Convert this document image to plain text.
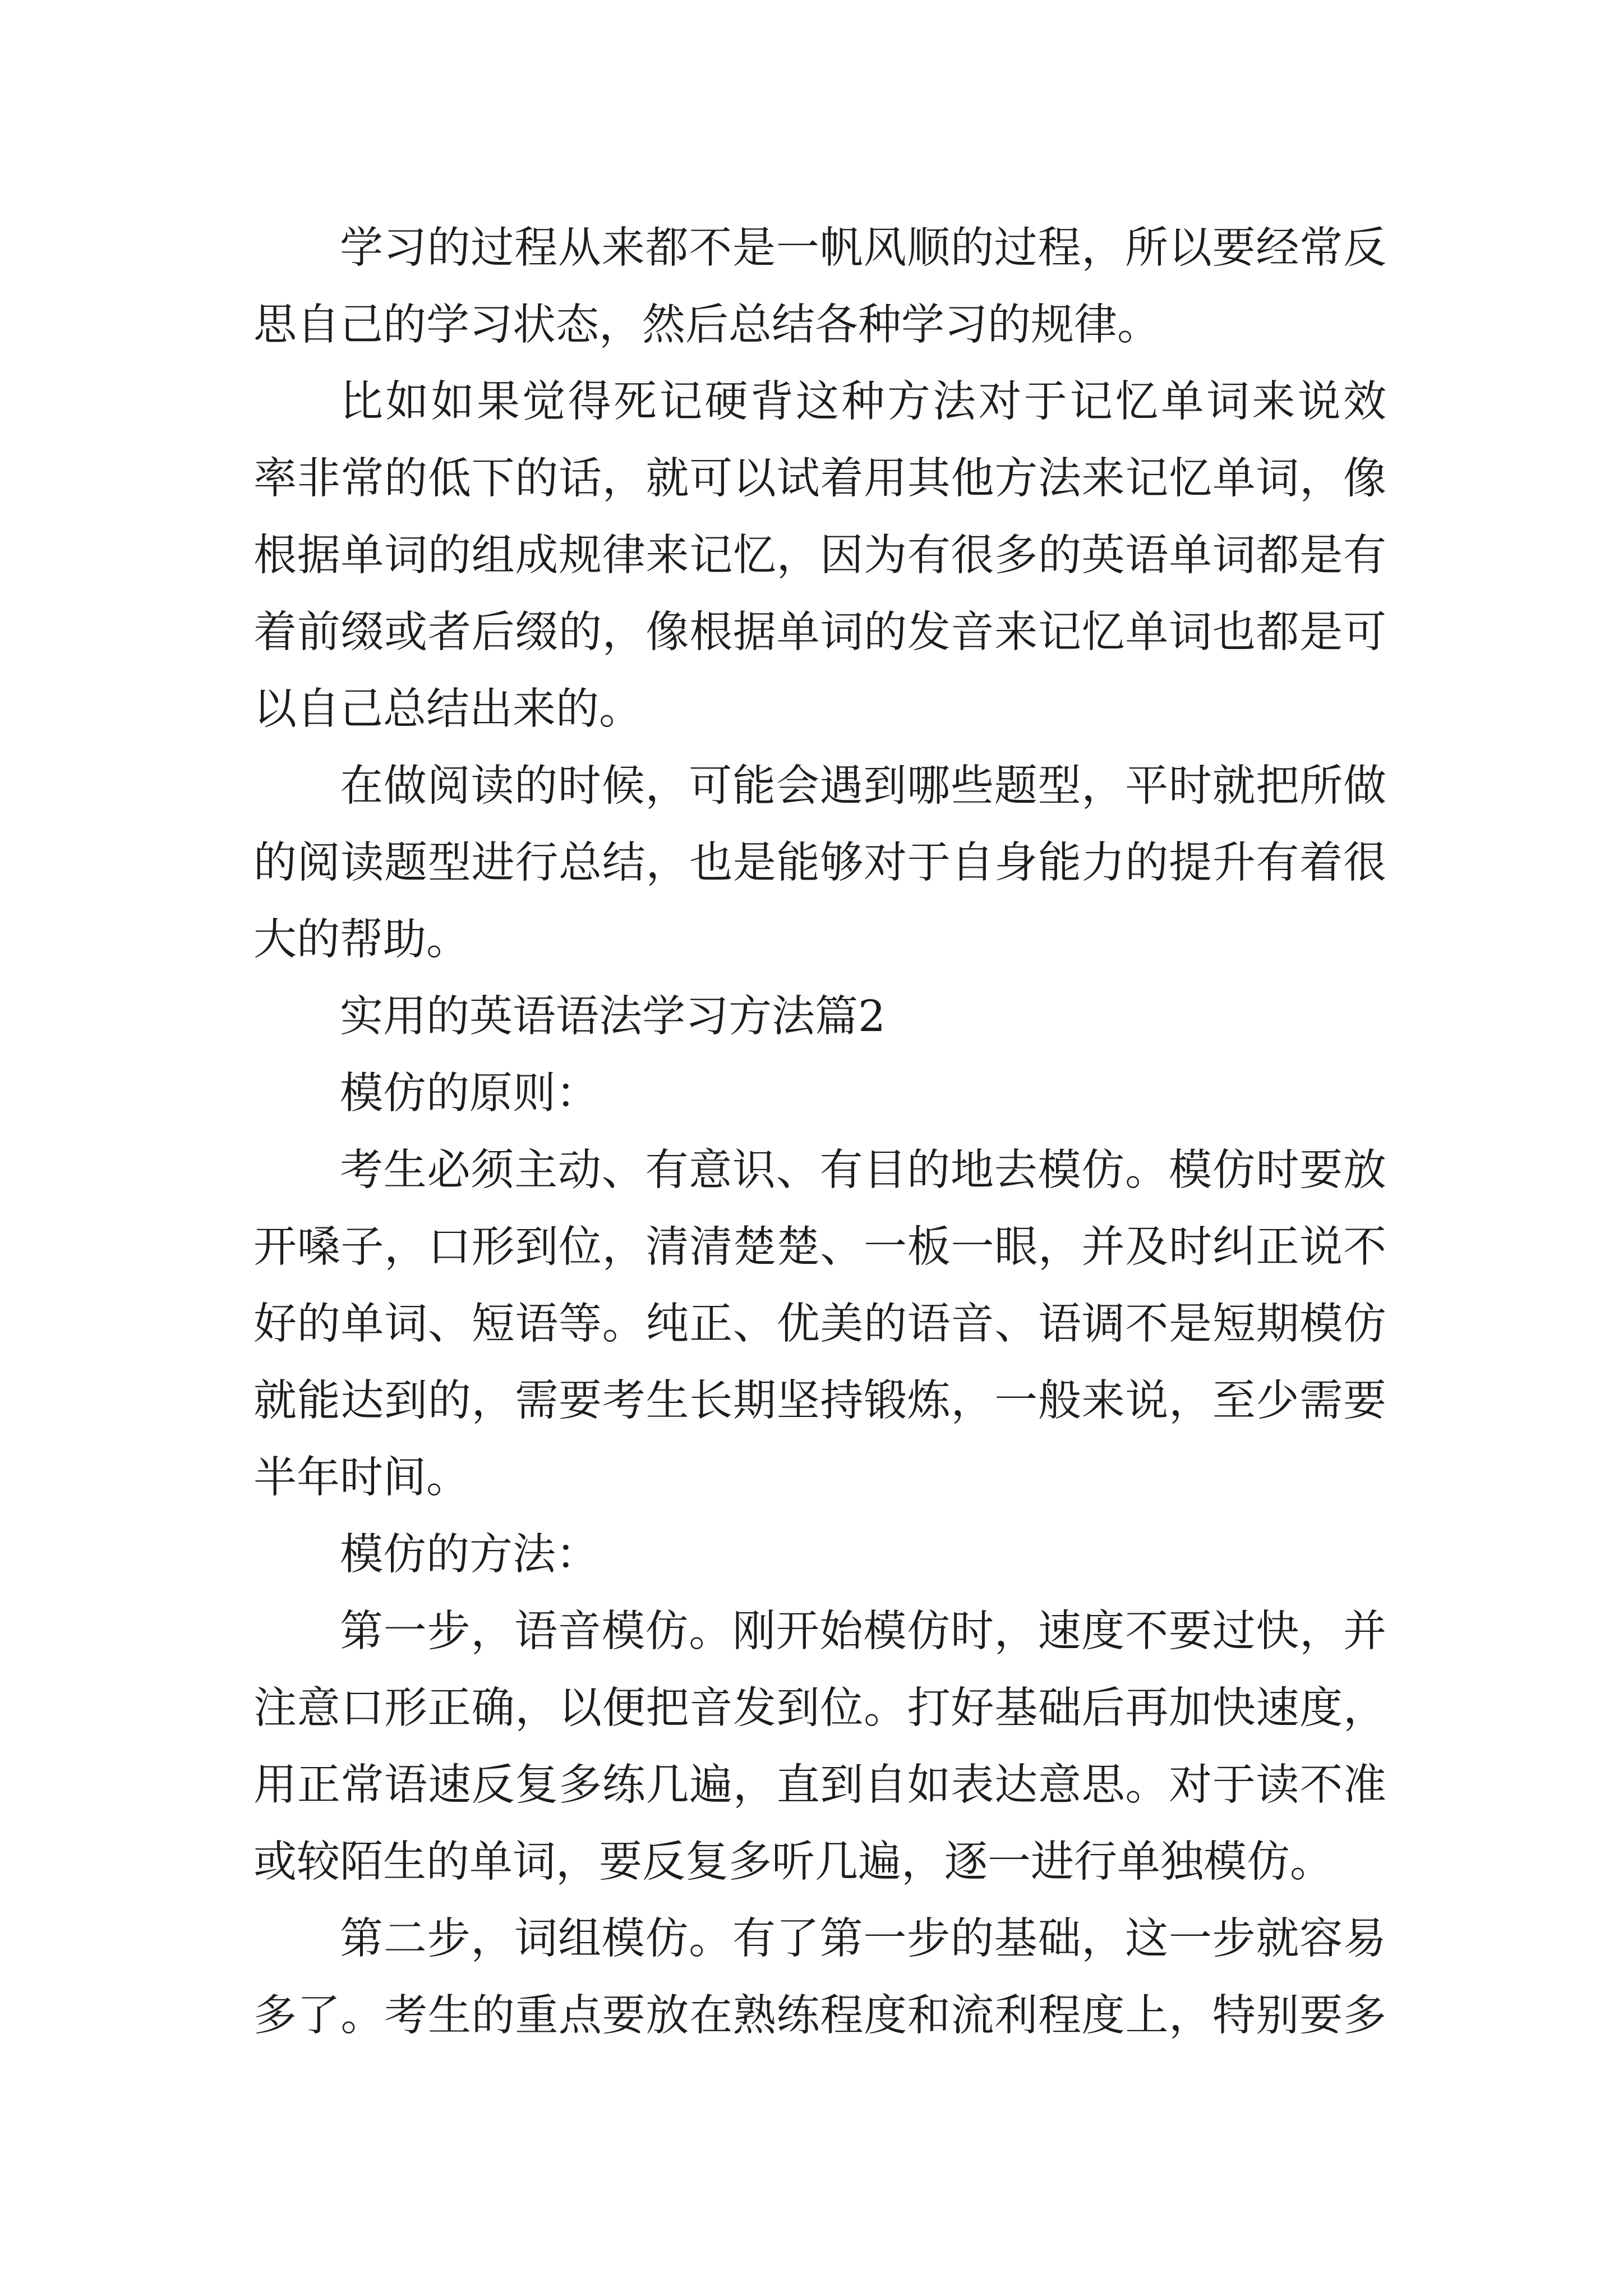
学习的过程从来都不是一帆风顺的过程，所以要经常反
思自己的学习状态，然后总结各种学习的规律。
比如如果觉得死记硬背这种方法对于记忆单词来说效
率非常的低下的话，就可以试着用其他方法来记忆单词，像
根据单词的组成规律来记忆，因为有很多的英语单词都是有
着前缀或者后缀的，像根据单词的发音来记忆单词也都是可
以自己总结出来的。
在做阅读的时候，可能会遇到哪些题型，平时就把所做
的阅读题型进行总结，也是能够对于自身能力的提升有着很
大的帮助。
实用的英语语法学习方法篇2
模仿的原则：
考生必须主动、有意识、有目的地去模仿。模仿时要放
开嗓子，口形到位，清清楚楚、一板一眼，并及时纠正说不
好的单词、短语等。纯正、优美的语音、语调不是短期模仿
就能达到的，需要考生长期坚持锻炼，一般来说，至少需要
半年时间。
模仿的方法：
第一步，语音模仿。刚开始模仿时，速度不要过快，并
注意口形正确，以便把音发到位。打好基础后再加快速度，
用正常语速反复多练几遍，直到自如表达意思。对于读不准
或较陌生的单词，要反复多听几遍，逐一进行单独模仿。
第二步，词组模仿。有了第一步的基础，这一步就容易
多了。考生的重点要放在熟练程度和流利程度上，特别要多
